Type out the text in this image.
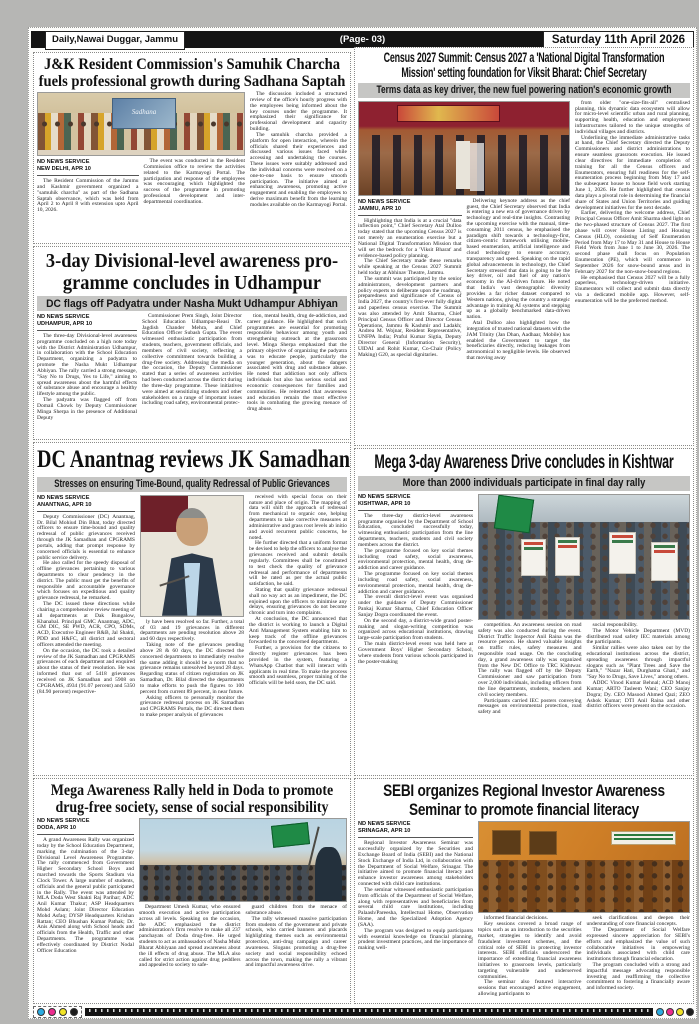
(Page- 03)
Daily,Nawai Duggar, Jammu	Saturday 11th April 2026

J&K Resident Commission's Samuhik Charcha

fuels professional growth during Sadhana Saptah

Sadhana
ND NEWS SERVICE
NEW DELHI, APR 10

The Resident Commission of the Jammu and Kashmir government organized a "samuhik charcha" as part of the Sadhana Saptah observance, which was held from April 2 to April 8 with extension upto April 10, 2026.

The event was conducted in the Resident Commission office to review the activities related to the Karmayogi Portal. The participation and response of the employees was encouraging which highlighted the success of the programme in promoting professional development and inter-departmental coordination.

The discussion included a structured review of the office's hourly progress with the employees being informed about the key courses under the programme. It emphasized their significance for professional development and capacity building.

The samuhik charcha provided a platform for open interaction, wherein the officials shared their experiences and discussed various issues faced while accessing and undertaking the courses. These issues were suitably addressed and the individual concerns were resolved on a one-to-one basis to ensure smooth participation. The initiative aimed at enhancing awareness, promoting active engagement and enabling the employees to derive maximum benefit from the learning modules available on the Karmayogi Portal.

3-day Divisional-level awareness pro-

gramme concludes in Udhampur

DC flags off Padyatra under Nasha Mukt Udhampur Abhiyan
ND NEWS SERVICE
UDHAMPUR, APR 10

The three-day Divisional-level awareness programme concluded on a high note today with the District Administration Udhampur, in collaboration with the School Education Department, organizing a padyatra to promote the Nasha Mukt Udhampur Abhiyan. The rally carried a strong message, "Say No to Drugs, Yes to Life," aiming to spread awareness about the harmful effects of substance abuse and encourage a healthy lifestyle among the public.

The padyatra was flagged off from Domail Chowk by Deputy Commissioner Minga Sherpa in the presence of Additional Deputy

Commissioner Prem Singh, Joint Director School Education Udhampur-Reasi Dr. Jagdish Chander Mehra, and Chief Education Officer Subash Gupta. The event witnessed enthusiastic participation from students, teachers, government officials, and members of civil society, reflecting a collective commitment towards building a drug-free society. Addressing the media on the occasion, the Deputy Commissioner stated that a series of awareness activities had been conducted across the district during the three-day programme. These initiatives were aimed at sensitizing students and other stakeholders on a range of important issues including road safety, environmental protec-

tion, mental health, drug de-addiction, and career guidance. He highlighted that such programmes are essential for promoting responsible behaviour among youth and strengthening outreach at the grassroots level. Minga Sherpa emphasized that the primary objective of organizing the padyatra was to educate people, particularly the younger generation, about the dangers associated with drug and substance abuse. He noted that addiction not only affects individuals but also has serious social and economic consequences for families and communities. He reiterated that awareness and education remain the most effective tools in combating the growing menace of drug abuse.

DC Anantnag reviews JK Samadhan
Stresses on ensuring Time-Bound, quality Redressal of Public Grievances
ND NEWS SERVICE
ANANTNAG, APR 10

Deputy Commissioner (DC) Anantnag, Dr. Bilal Mohiud Din Bhat, today directed officers to ensure time-bound and quality redressal of public grievances received through the JK Samadhan and CPGRAMS portals, adding that prompt response by concerned officials is essential to enhance public service delivery.

He also called for the speedy disposal of offline grievances pertaining to various departments to clear pendency in the district. The public must get the benefits of responsible and accountable governance which focuses on expeditious and quality grievance redressal, he remarked.

The DC issued these directions while chairing a comprehensive review meeting of all departments at Dak Bungalow, Khanabal. Principal GMC Anantnag, ADC, GM DIC, SE PWD, ACR, CPO, SDMs, ACD, Executive Engineer R&B, Jal Shakti, PDD and H&FC, all district and sectoral officers attended the meeting.

On the occasion, the DC took a detailed review of the JK Samadhan and CPGRAMS grievances of each department and enquired about the status of their resolution. He was informed that out of 5418 grievances received on JK Samadhan and 5908 on CPGRAMS, 4934 (91.07 percent) and 5350 (84.90 percent) respective-

ly have been resolved so far. Further, a total of 03 and 19 grievances in different departments are pending resolution above 28 and 60 days respectively.

Taking note of the grievances pending above 28 & 60 days, the DC directed the concerned departments to immediately resolve the same adding it should be a norm that no grievance remains unresolved beyond 28 days. Regarding status of citizen registration on JK Samadhan, Dr. Bilal directed the departments to make efforts to push the figures to 100 percent from current 89 percent, in near future.

Asking officers to personally monitor the grievance redressal process on JK Samadhan and CPGRAMS Portals, the DC directed them to make proper analysis of grievances

received with special focus on their nature and place of origin. The mapping of data will shift the approach of redressal from mechanical to organic one, helping departments to take corrective measures at administrative and grass root levels ab initio and avoid recurrent public concerns, he noted.

He further directed that a uniform format be devised to help the officers to analyse the grievances received and submit details regularly. Committees shall be constituted to test check the quality of grievance redressal and performance of departments will be rated as per the actual public satisfaction, he said.

Stating that quality grievance redressal shall no way act as an impediment, the DC enjoined upon the officers to minimise any delays, ensuring grievances do not become chronic and turn into complaints.

At conclusion, the DC announced that the district is working to launch a Digital Anti Management System enabling him to keep track of the offline grievances forwarded to the concerned departments.

Further, a provision for the citizens to directly register grievances has been provided in the system, featuring a WhatsApp Chatbot that will interact with applicants in real time. To make the process smooth and seamless, proper training of the officials will be held soon, the DC said.

Mega Awareness Rally held in Doda to promote

drug-free society, sense of social responsibility

ND NEWS SERVICE
DODA, APR 10

A grand Awareness Rally was organized today by the School Education Department, marking the culmination of the 3-day Divisional Level Awareness Programme. The rally commenced from Government Higher Secondary School Boys and marched towards the Sports Stadium via Clock Tower. A large number of students, officials and the general public participated in the Rally. The event was attended by MLA Doda West Shakti Raj Parihar; ADC Anil Kumar Thakur; ASP Headquarters Mohd Aslam; Joint Director Education Mohd Asfaq; DYSP Headquarters Krishan Rattan; CEO Bhushan Kumar Pathak; Dr. Anis Ahmed along with School heads and officials from the Health, Traffic and other Departments. The programme was effectively coordinated by District Nodal Officer Education

Department Umesh Kumar, who ensured smooth execution and active participation across all levels. Speaking on the occasion, the ADC emphasized the district administration's firm resolve to make all 237 panchayats of Doda drug-free. He urged students to act as ambassadors of Nasha Mukt Bharat Abhiyaan and spread awareness about the ill effects of drug abuse. The MLA also called for strict action against drug peddlers and appealed to society to safe-

guard children from the menace of substance abuse.

The rally witnessed massive participation from students of the government and private schools, who carried banners and placards highlighting themes such as environmental protection, anti-drug campaign and career awareness. Slogans promoting a drug-free society and social responsibility echoed across the town, making the rally a vibrant and impactful awareness drive.

Census 2027 Summit: Census 2027 a 'National Digital Transformation

Mission' setting foundation for Viksit Bharat: Chief Secretary

Terms data as key driver, the new fuel powering nation's economic growth
ND NEWS SERVICE
JAMMU, APR 10

Highlighting that India is at a crucial "data inflection point," Chief Secretary Atal Dulloo today stated that the upcoming Census 2027 is not merely an enumeration exercise but a National Digital Transformation Mission that will set the bedrock for a 'Viksit Bharat' and evidence-based policy planning.

The Chief Secretary made these remarks while speaking at the Census 2027 Summit held today at Abhinav Theatre, Jammu.

The summit was participated by the senior administrators, development partners and policy experts to deliberate upon the roadmap, preparedness and significance of Census of India 2027, the country's first-ever fully digital and paperless census exercise. The Summit was also attended by Amit Sharma, Chief Principal Census Officer and Director Census Operations, Jammu & Kashmir and Ladakh; Andrea M. Wojnar, Resident Representative, UNFPA India; Praful Kumar Sigtia, Deputy Director General (Information Security), UIDAI and Rohit Kumar, Co-Chair (Policy Making) G20, as special dignitaries.

Delivering keynote address as the chief guest, the Chief Secretary observed that India is entering a new era of governance driven by technology and real-time insights. Contrasting the upcoming exercise with the manual, time-consuming 2011 census, he emphasised the paradigm shift towards a technology-first, citizen-centric framework utilising mobile-based enumeration, artificial intelligence and cloud technology to ensure accuracy, transparency and speed. Speaking on the rapid global advancements in technology, the Chief Secretary stressed that data is going to be the key driver, oil and fuel of any nation's economy in the AI-driven future. He noted that India's vast demographic diversity provides a far richer dataset compared to Western nations, giving the country a strategic advantage in training AI systems and stepping up as a globally benchmarked data-driven nation.

Atal Dulloo also highlighted how the integration of trusted national datasets with the JAM Trinity (Jan Dhan, Aadhaar, Mobile) has enabled the Government to target the beneficiaries directly, reducing leakages from astronomical to negligible levels. He observed that moving away

from older "one-size-fits-all" centralised planning, this dynamic data ecosystem will allow for micro-level scientific urban and rural planning, supporting health, education and employment infrastructures tailored to the unique strengths of individual villages and districts.

Underlining the immediate administrative tasks at hand, the Chief Secretary directed the Deputy Commissioners and district administrations to ensure seamless grassroots execution. He issued clear directives for immediate completion of training for all the Census officers and Enumerators, ensuring full readiness for the self-enumeration process beginning from May 17 and the subsequent house to house field work starting June 1, 2026. He further highlighted that census data plays a pivotal role in determining the financial share of States and Union Territories and guiding development initiatives for the next decade.

Earlier, delivering the welcome address, Chief Principal Census Officer Amit Sharma shed light on the two-phased structure of Census 2027. The first phase will cover House Listing and Housing Census (HLO), consisting of Self Enumeration Period from May 17 to May 31 and House to House Field Work from June 1 to June 30, 2026. The second phase shall focus on Population Enumeration (PE), which will commence in September 2026 for snow-bound areas and in February 2027 for the non-snow-bound regions.

He emphasised that Census 2027 will be a fully paperless, technology-driven initiative. Enumerators will collect and submit data directly via a dedicated mobile app. However, self-enumeration will be the preferred method.

Mega 3-day Awareness Drive concludes in Kishtwar
More than 2000 individuals participate in final day rally
ND NEWS SERVICE
KISHTWAR, APR 10

The three-day district-level awareness programme organised by the Department of School Education, concluded successfully today, witnessing enthusiastic participation from the line departments, teachers, students and civil society members across the district.

The programme focused on key social themes including road safety, social awareness, environmental protection, mental health, drug de-addiction and career guidance.

The programme focused on key social themes including road safety, social awareness, environmental protection, mental health, drug de-addiction and career guidance.

The overall district-level event was organised under the guidance of Deputy Commissioner Pankaj Kumar Sharma, Chief Education Officer Sanjay Dogra coordinated the event.

On the second day, a district-wide grand poster-making and slogan-writing competition was organized across educational institutions, drawing large-scale participation from students.

The main district-level event was held here at Government Boys' Higher Secondary School, where students from various schools participated in the poster-making

competition. An awareness session on road safety was also conducted during the event. District Traffic Inspector Anil Raina was the resource person. He shared valuable insights on traffic rules, safety measures and responsible road usage. On the concluding day, a grand awareness rally was organized from the New DC Office to TRC Kishtwar. The rally was flagged off by the Deputy Commissioner and saw participation from over 2,000 individuals, including officers from the line departments, students, teachers and civil society members.

Participants carried IEC posters conveying messages on environmental protection, road safety and

social responsibility.

The Motor Vehicle Department (MVD) distributed road safety IEC materials among the participants.

Similar rallies were also taken out by the educational institutions across the district, spreading awareness through impactful slogans such as "Plant Trees and Save the Earth," "Nazar Hati, Durghatna Ghati," and "Say No to Drugs, Save Lives," among others.

ADDC Vinod Kumar Behnal; ACD Manoj Kumar; ARTO Tasleem Wani; CEO Sanjay Dogra; Dy. CEO Masood Ahmed Qazi; ZEO Ashok Kumar; DTI Anil Raina and other district officers were present on the occasion.

SEBI organizes Regional Investor Awareness

Seminar to promote financial literacy

ND NEWS SERVICE
SRINAGAR, APR 10

Regional Investor Awareness Seminar was successfully organized by the Securities and Exchange Board of India (SEBI) and the National Stock Exchange of India Ltd, in collaboration with the Department of Social Welfare, Srinagar. The initiative aimed to promote financial literacy and enhance investor awareness among stakeholders connected with child care institutions.

The seminar witnessed enthusiastic participation from officials of the Department of Social Welfare, along with representatives and beneficiaries from several child care institutions, including Palaash/Pareesha, Intellectual Home, Observation Home, and the Specialized Adoption Agency (SAA).

The program was designed to equip participants with essential knowledge on financial planning, prudent investment practices, and the importance of making well-

informed financial decisions.

Key sessions covered a broad range of topics such as an introduction to the securities market, strategies to identify and avoid fraudulent investment schemes, and the critical role of SEBI in protecting investor interests. SEBI officials underscored the importance of extending financial awareness initiatives to grassroots levels, particularly targeting vulnerable and underserved communities.

The seminar also featured interactive sessions that encouraged active engagement, allowing participants to

seek clarifications and deepen their understanding of core financial concepts.

The Department of Social Welfare expressed sincere appreciation for SEBI's efforts and emphasized the value of such collaborative initiatives in empowering individuals associated with child care institutions through financial education.

The program concluded with a strong and impactful message advocating responsible investing and reaffirming the collective commitment to fostering a financially aware and informed society.
